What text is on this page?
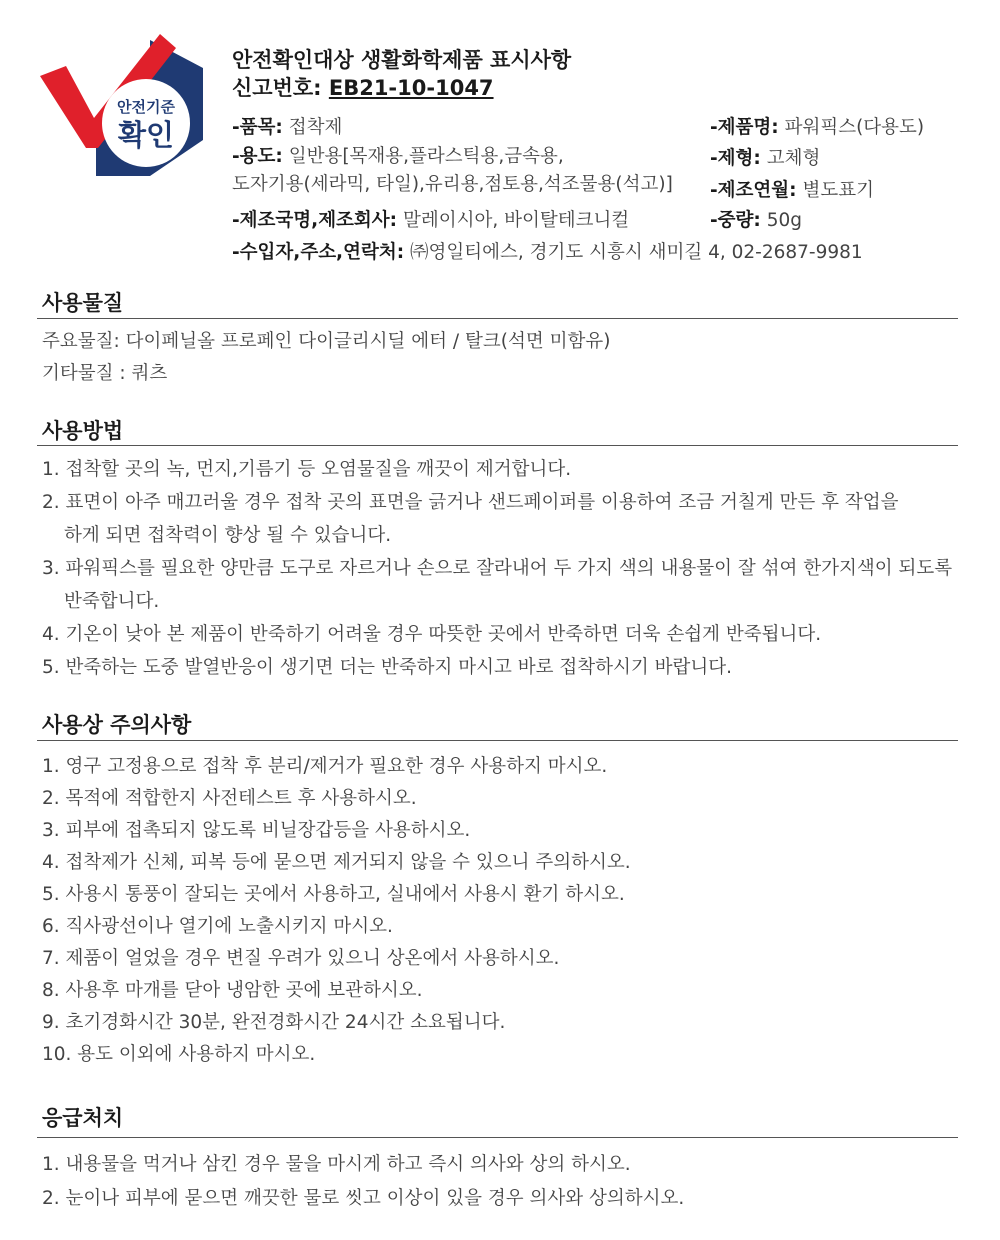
안전기준
확인
안전확인대상 생활화학제품 표시사항
신고번호: EB21-10-1047
-품목: 접착제
-용도: 일반용[목재용,플라스틱용,금속용,
도자기용(세라믹, 타일),유리용,점토용,석조물용(석고)]
-제조국명,제조회사: 말레이시아, 바이탈테크니컬
-수입자,주소,연락처: ㈜영일티에스, 경기도 시흥시 새미길 4, 02-2687-9981
-제품명: 파워픽스(다용도)
-제형: 고체형
-제조연월: 별도표기
-중량: 50g
사용물질
주요물질: 다이페닐올 프로페인 다이글리시딜 에터 / 탈크(석면 미함유)
기타물질 : 쿼츠
사용방법
1. 접착할 곳의 녹, 먼지,기름기 등 오염물질을 깨끗이 제거합니다.
2. 표면이 아주 매끄러울 경우 접착 곳의 표면을 긁거나 샌드페이퍼를 이용하여 조금 거칠게 만든 후 작업을
하게 되면 접착력이 향상 될 수 있습니다.
3. 파워픽스를 필요한 양만큼 도구로 자르거나 손으로 잘라내어 두 가지 색의 내용물이 잘 섞여 한가지색이 되도록
반죽합니다.
4. 기온이 낮아 본 제품이 반죽하기 어려울 경우 따뜻한 곳에서 반죽하면 더욱 손쉽게 반죽됩니다.
5. 반죽하는 도중 발열반응이 생기면 더는 반죽하지 마시고 바로 접착하시기 바랍니다.
사용상 주의사항
1. 영구 고정용으로 접착 후 분리/제거가 필요한 경우 사용하지 마시오.
2. 목적에 적합한지 사전테스트 후 사용하시오.
3. 피부에 접촉되지 않도록 비닐장갑등을 사용하시오.
4. 접착제가 신체, 피복 등에 묻으면 제거되지 않을 수 있으니 주의하시오.
5. 사용시 통풍이 잘되는 곳에서 사용하고, 실내에서 사용시 환기 하시오.
6. 직사광선이나 열기에 노출시키지 마시오.
7. 제품이 얼었을 경우 변질 우려가 있으니 상온에서 사용하시오.
8. 사용후 마개를 닫아 냉암한 곳에 보관하시오.
9. 초기경화시간 30분, 완전경화시간 24시간 소요됩니다.
10. 용도 이외에 사용하지 마시오.
응급처치
1. 내용물을 먹거나 삼킨 경우 물을 마시게 하고 즉시 의사와 상의 하시오.
2. 눈이나 피부에 묻으면 깨끗한 물로 씻고 이상이 있을 경우 의사와 상의하시오.
